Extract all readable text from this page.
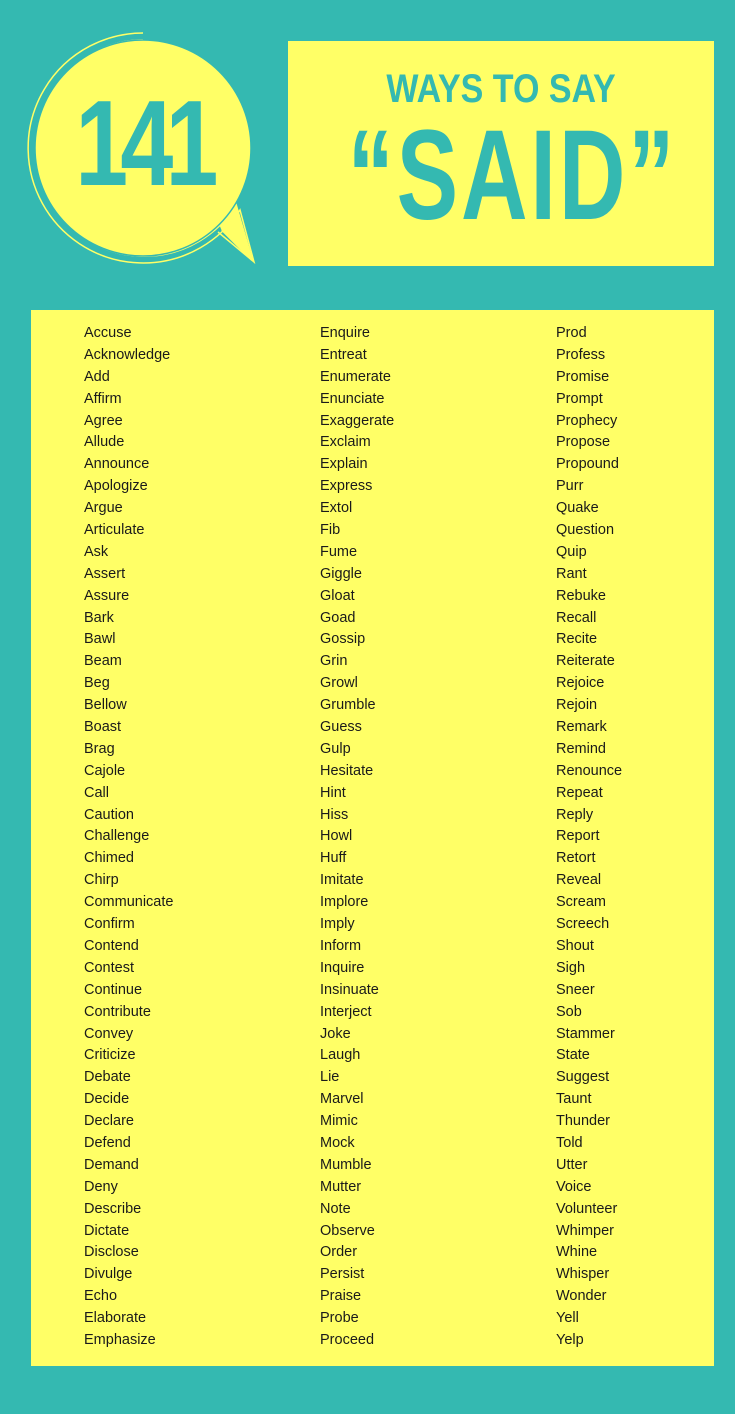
141	WAYS TO SAY
“SAID”
Accuse
Acknowledge
Add
Affirm
Agree
Allude
Announce
Apologize
Argue
Articulate
Ask
Assert
Assure
Bark
Bawl
Beam
Beg
Bellow
Boast
Brag
Cajole
Call
Caution
Challenge
Chimed
Chirp
Communicate
Confirm
Contend
Contest
Continue
Contribute
Convey
Criticize
Debate
Decide
Declare
Defend
Demand
Deny
Describe
Dictate
Disclose
Divulge
Echo
Elaborate
Emphasize
Enquire
Entreat
Enumerate
Enunciate
Exaggerate
Exclaim
Explain
Express
Extol
Fib
Fume
Giggle
Gloat
Goad
Gossip
Grin
Growl
Grumble
Guess
Gulp
Hesitate
Hint
Hiss
Howl
Huff
Imitate
Implore
Imply
Inform
Inquire
Insinuate
Interject
Joke
Laugh
Lie
Marvel
Mimic
Mock
Mumble
Mutter
Note
Observe
Order
Persist
Praise
Probe
Proceed
Prod
Profess
Promise
Prompt
Prophecy
Propose
Propound
Purr
Quake
Question
Quip
Rant
Rebuke
Recall
Recite
Reiterate
Rejoice
Rejoin
Remark
Remind
Renounce
Repeat
Reply
Report
Retort
Reveal
Scream
Screech
Shout
Sigh
Sneer
Sob
Stammer
State
Suggest
Taunt
Thunder
Told
Utter
Voice
Volunteer
Whimper
Whine
Whisper
Wonder
Yell
Yelp
